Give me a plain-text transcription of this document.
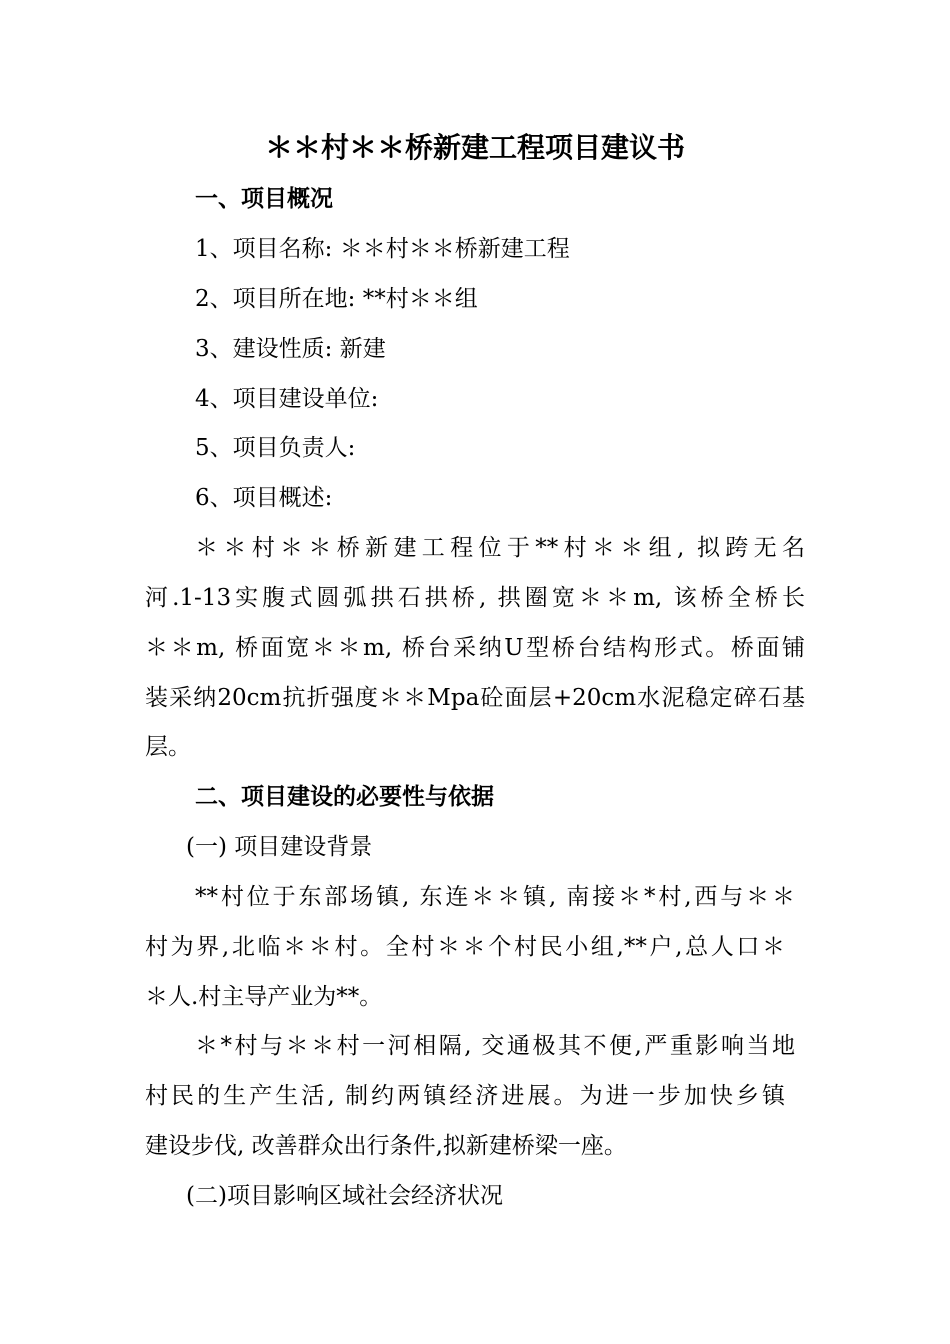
＊＊村＊＊桥新建工程项目建议书
一、项目概况
1、项目名称: ＊＊村＊＊桥新建工程
2、项目所在地: **村＊＊组
3、建设性质: 新建
4、项目建设单位:
5、项目负责人:
6、项目概述:
＊＊村＊＊桥新建工程位于**村＊＊组, 拟跨无名
河.1-13实腹式圆弧拱石拱桥, 拱圈宽＊＊m, 该桥全桥长
＊＊m, 桥面宽＊＊m, 桥台采纳U型桥台结构形式。桥面铺
装采纳20cm抗折强度＊＊Mpa砼面层+20cm水泥稳定碎石基
层。
二、项目建设的必要性与依据
(一) 项目建设背景
**村位于东部场镇, 东连＊＊镇, 南接＊*村,西与＊＊
村为界,北临＊＊村。全村＊＊个村民小组,**户,总人口＊
＊人.村主导产业为**。
＊*村与＊＊村一河相隔, 交通极其不便,严重影响当地
村民的生产生活, 制约两镇经济进展。为进一步加快乡镇
建设步伐, 改善群众出行条件,拟新建桥梁一座。
(二)项目影响区域社会经济状况
